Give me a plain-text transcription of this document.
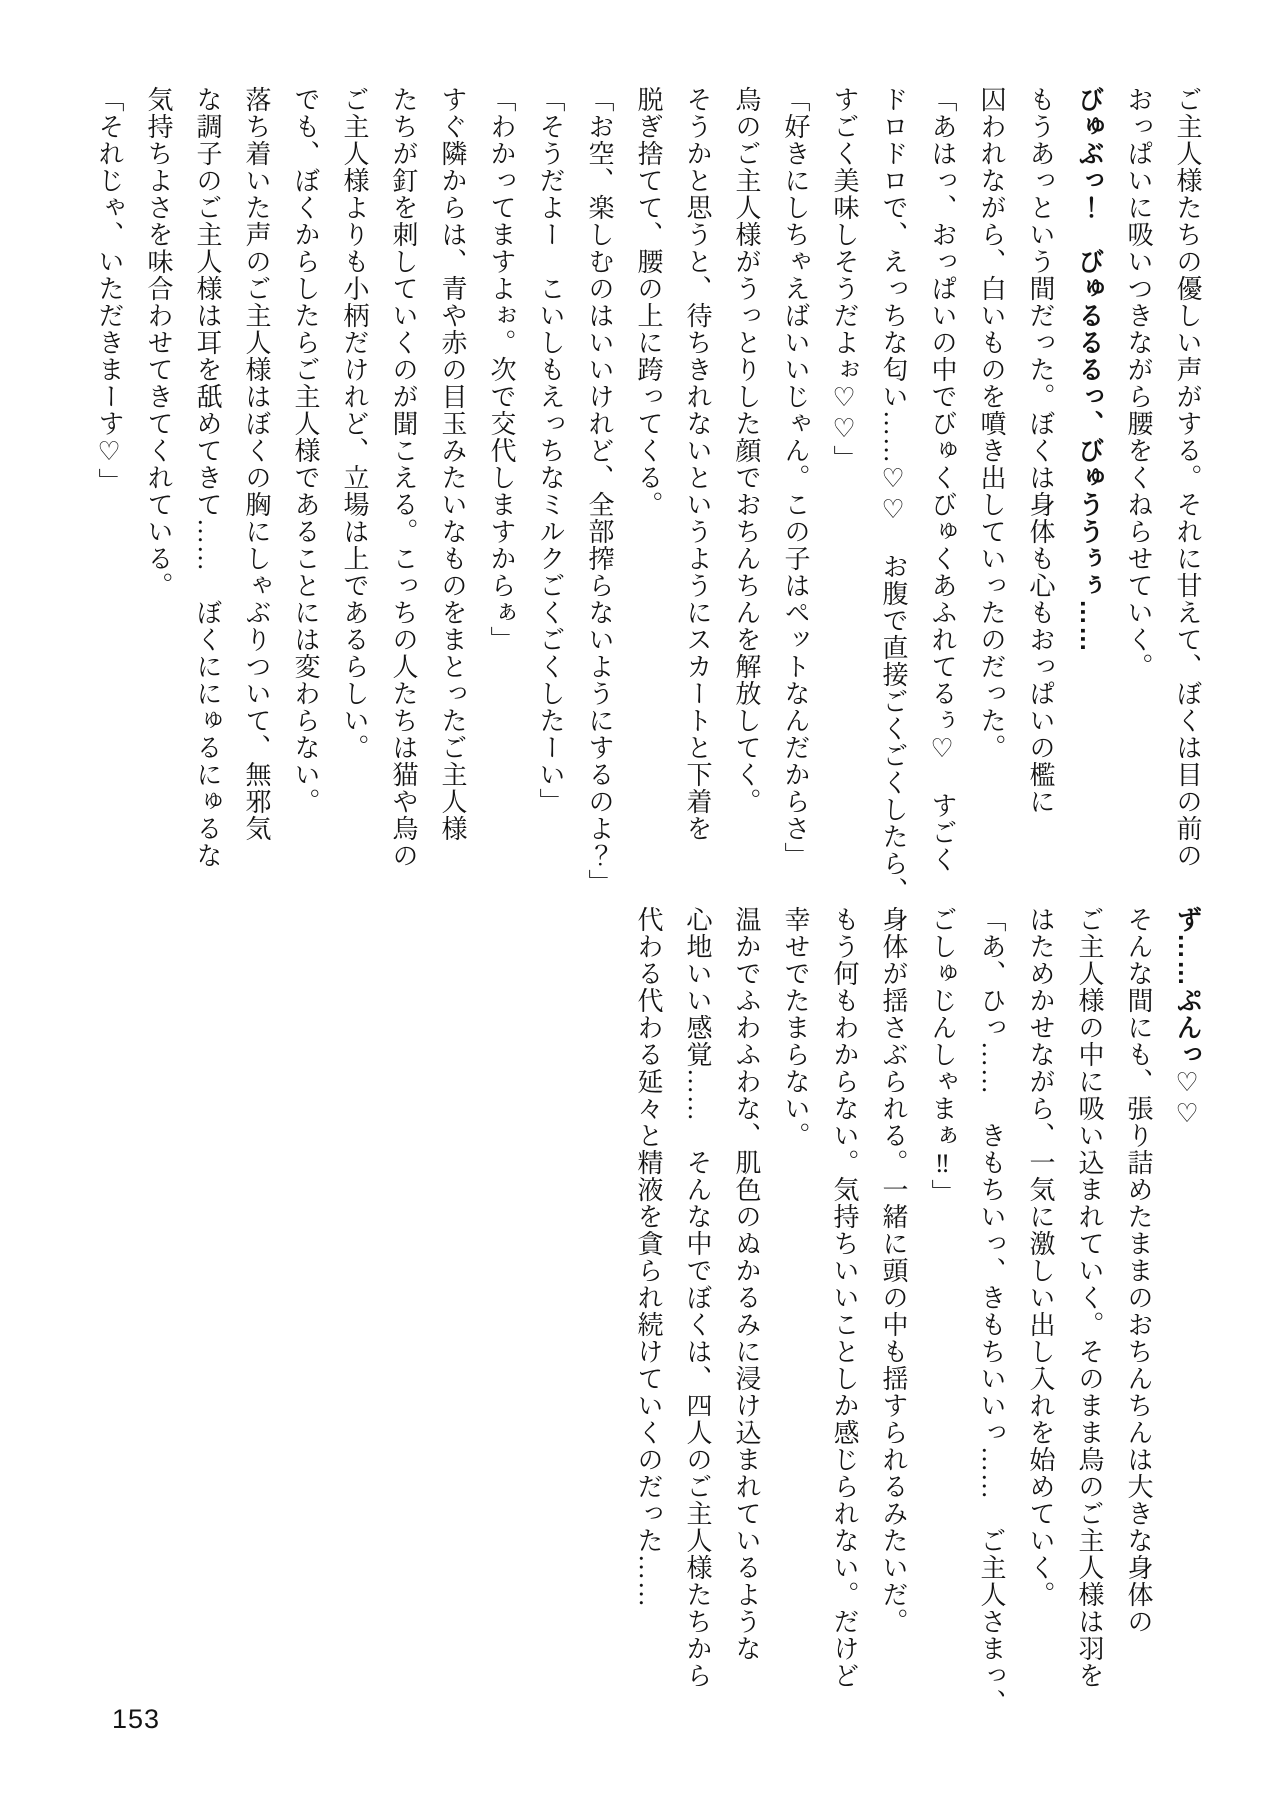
ご主人様たちの優しい声がする。それに甘えて、ぼくは目の前の

おっぱいに吸いつきながら腰をくねらせていく。

びゅぶっ！　びゅるるるっ、びゅううぅぅ……

もうあっという間だった。ぼくは身体も心もおっぱいの檻に

囚われながら、白いものを噴き出していったのだった。

「あはっ、おっぱいの中でびゅくびゅくあふれてるぅ♡　すごく

ドロドロで、えっちな匂い……♡♡　お腹で直接ごくごくしたら、

すごく美味しそうだよぉ♡♡」

「好きにしちゃえばいいじゃん。この子はペットなんだからさ」

烏のご主人様がうっとりした顔でおちんちんを解放してく。

そうかと思うと、待ちきれないというようにスカートと下着を

脱ぎ捨てて、腰の上に跨ってくる。

「お空、楽しむのはいいけれど、全部搾らないようにするのよ？」

「そうだよー　こいしもえっちなミルクごくごくしたーい」

「わかってますよぉ。次で交代しますからぁ」

すぐ隣からは、青や赤の目玉みたいなものをまとったご主人様

たちが釘を刺していくのが聞こえる。こっちの人たちは猫や烏の

ご主人様よりも小柄だけれど、立場は上であるらしい。

でも、ぼくからしたらご主人様であることには変わらない。

落ち着いた声のご主人様はぼくの胸にしゃぶりついて、無邪気

な調子のご主人様は耳を舐めてきて……　ぼくににゅるにゅるな

気持ちよさを味合わせてきてくれている。

「それじゃ、いただきまーす♡」

ず……ぷんっ♡♡

そんな間にも、張り詰めたままのおちんちんは大きな身体の

ご主人様の中に吸い込まれていく。そのまま烏のご主人様は羽を

はためかせながら、一気に激しい出し入れを始めていく。

「あ、ひっ……　きもちいっ、きもちいいっ……　ご主人さまっ、

ごしゅじんしゃまぁ‼」

身体が揺さぶられる。一緒に頭の中も揺すられるみたいだ。

もう何もわからない。気持ちいいことしか感じられない。だけど

幸せでたまらない。

温かでふわふわな、肌色のぬかるみに浸け込まれているような

心地いい感覚……　そんな中でぼくは、四人のご主人様たちから

代わる代わる延々と精液を貪られ続けていくのだった……

153
